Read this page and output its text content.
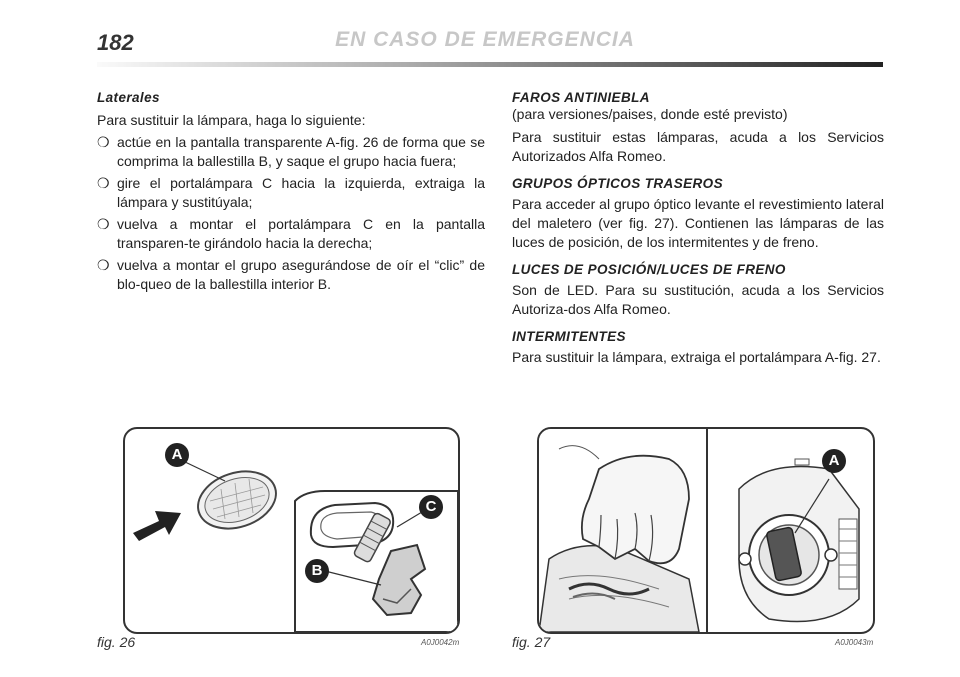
182	EN CASO DE EMERGENCIA

Laterales

Para sustituir la lámpara, haga lo siguiente:

❍ actúe en la pantalla transparente A-fig. 26 de forma que se comprima la ballestilla B, y saque el grupo hacia fuera;

❍ gire el portalámpara C hacia la izquierda, extraiga la lámpara y sustitúyala;

❍ vuelva a montar el portalámpara C en la pantalla transparen-te girándolo hacia la derecha;

❍ vuelva a montar el grupo asegurándose de oír el “clic” de blo-queo de la ballestilla interior B.

FAROS ANTINIEBLA

(para versiones/paises, donde esté previsto)

Para sustituir estas lámparas, acuda a los Servicios Autorizados Alfa Romeo.

GRUPOS ÓPTICOS TRASEROS

Para acceder al grupo óptico levante el revestimiento lateral del maletero (ver fig. 27). Contienen las lámparas de las luces de posición, de los intermitentes y de freno.

LUCES DE POSICIÓN/LUCES DE FRENO

Son de LED. Para su sustitución, acuda a los Servicios Autoriza-dos Alfa Romeo.

INTERMITENTES

Para sustituir la lámpara, extraiga el portalámpara A-fig. 27.

A
C
B
fig. 26	A0J0042m
A
fig. 27	A0J0043m
